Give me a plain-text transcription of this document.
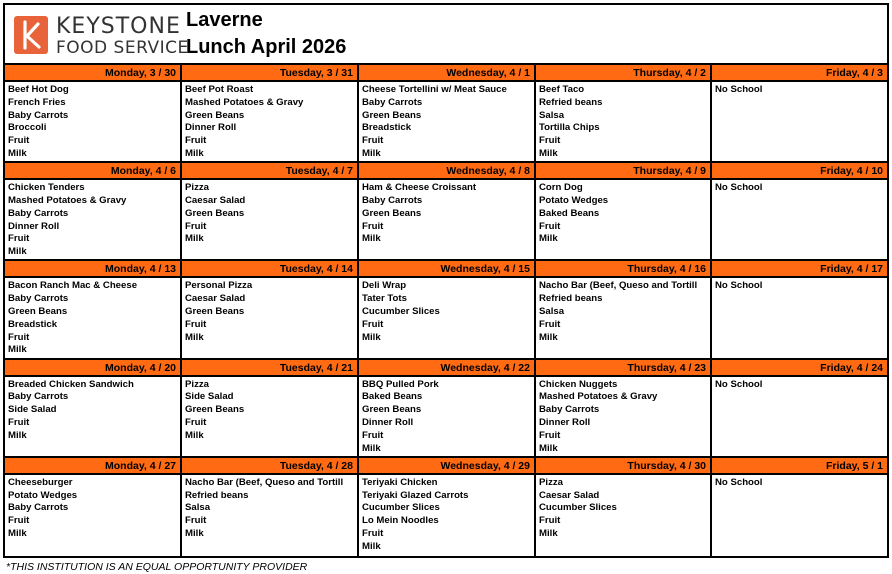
KEYSTONE
FOOD SERVICE
Laverne
Lunch April 2026
Monday, 3 / 30
Beef Hot Dog
French Fries
Baby Carrots
Broccoli
Fruit
Milk
Tuesday, 3 / 31
Beef Pot Roast
Mashed Potatoes & Gravy
Green Beans
Dinner Roll
Fruit
Milk
Wednesday, 4 / 1
Cheese Tortellini w/ Meat Sauce
Baby Carrots
Green Beans
Breadstick
Fruit
Milk
Thursday, 4 / 2
Beef Taco
Refried beans
Salsa
Tortilla Chips
Fruit
Milk
Friday, 4 / 3
No School
Monday, 4 / 6
Chicken Tenders
Mashed Potatoes & Gravy
Baby Carrots
Dinner Roll
Fruit
Milk
Tuesday, 4 / 7
Pizza
Caesar Salad
Green Beans
Fruit
Milk
Wednesday, 4 / 8
Ham & Cheese Croissant
Baby Carrots
Green Beans
Fruit
Milk
Thursday, 4 / 9
Corn Dog
Potato Wedges
Baked Beans
Fruit
Milk
Friday, 4 / 10
No School
Monday, 4 / 13
Bacon Ranch Mac & Cheese
Baby Carrots
Green Beans
Breadstick
Fruit
Milk
Tuesday, 4 / 14
Personal Pizza
Caesar Salad
Green Beans
Fruit
Milk
Wednesday, 4 / 15
Deli Wrap
Tater Tots
Cucumber Slices
Fruit
Milk
Thursday, 4 / 16
Nacho Bar (Beef, Queso and Tortill
Refried beans
Salsa
Fruit
Milk
Friday, 4 / 17
No School
Monday, 4 / 20
Breaded Chicken Sandwich
Baby Carrots
Side Salad
Fruit
Milk
Tuesday, 4 / 21
Pizza
Side Salad
Green Beans
Fruit
Milk
Wednesday, 4 / 22
BBQ Pulled Pork
Baked Beans
Green Beans
Dinner Roll
Fruit
Milk
Thursday, 4 / 23
Chicken Nuggets
Mashed Potatoes & Gravy
Baby Carrots
Dinner Roll
Fruit
Milk
Friday, 4 / 24
No School
Monday, 4 / 27
Cheeseburger
Potato Wedges
Baby Carrots
Fruit
Milk
Tuesday, 4 / 28
Nacho Bar (Beef, Queso and Tortill
Refried beans
Salsa
Fruit
Milk
Wednesday, 4 / 29
Teriyaki Chicken
Teriyaki Glazed Carrots
Cucumber Slices
Lo Mein Noodles
Fruit
Milk
Thursday, 4 / 30
Pizza
Caesar Salad
Cucumber Slices
Fruit
Milk
Friday, 5 / 1
No School
*THIS INSTITUTION IS AN EQUAL OPPORTUNITY PROVIDER
